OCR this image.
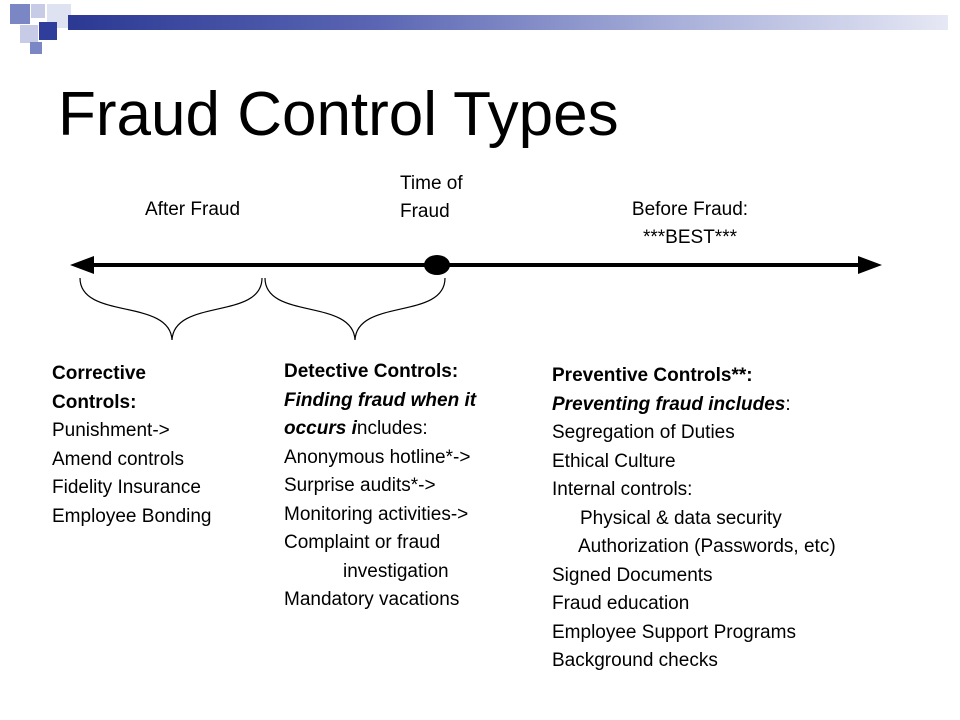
Fraud Control Types
After Fraud
Time of
Fraud	Before Fraud:
***BEST***
Corrective
Controls:
Punishment->
Amend controls
Fidelity Insurance
Employee Bonding
Detective Controls:
Finding fraud when it
occurs includes:
Anonymous hotline*->
Surprise audits*->
Monitoring activities->
Complaint or fraud
investigation
Mandatory vacations
Preventive Controls**:
Preventing fraud includes:
Segregation of Duties
Ethical Culture
Internal controls:
Physical & data security
Authorization (Passwords, etc)
Signed Documents
Fraud education
Employee Support Programs
Background checks
